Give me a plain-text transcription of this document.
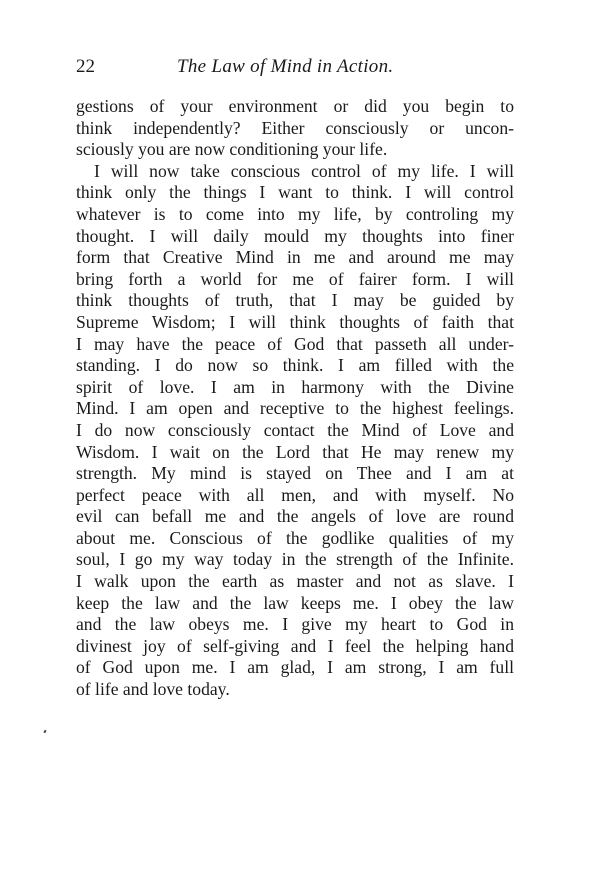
22	The Law of Mind in Action.
gestions of your environment or did you begin to
think independently? Either consciously or uncon-
sciously you are now conditioning your life.
I will now take conscious control of my life. I will
think only the things I want to think. I will control
whatever is to come into my life, by controling my
thought. I will daily mould my thoughts into finer
form that Creative Mind in me and around me may
bring forth a world for me of fairer form. I will
think thoughts of truth, that I may be guided by
Supreme Wisdom; I will think thoughts of faith that
I may have the peace of God that passeth all under-
standing. I do now so think. I am filled with the
spirit of love. I am in harmony with the Divine
Mind. I am open and receptive to the highest feelings.
I do now consciously contact the Mind of Love and
Wisdom. I wait on the Lord that He may renew my
strength. My mind is stayed on Thee and I am at
perfect peace with all men, and with myself. No
evil can befall me and the angels of love are round
about me. Conscious of the godlike qualities of my
soul, I go my way today in the strength of the Infinite.
I walk upon the earth as master and not as slave. I
keep the law and the law keeps me. I obey the law
and the law obeys me. I give my heart to God in
divinest joy of self-giving and I feel the helping hand
of God upon me. I am glad, I am strong, I am full
of life and love today.
